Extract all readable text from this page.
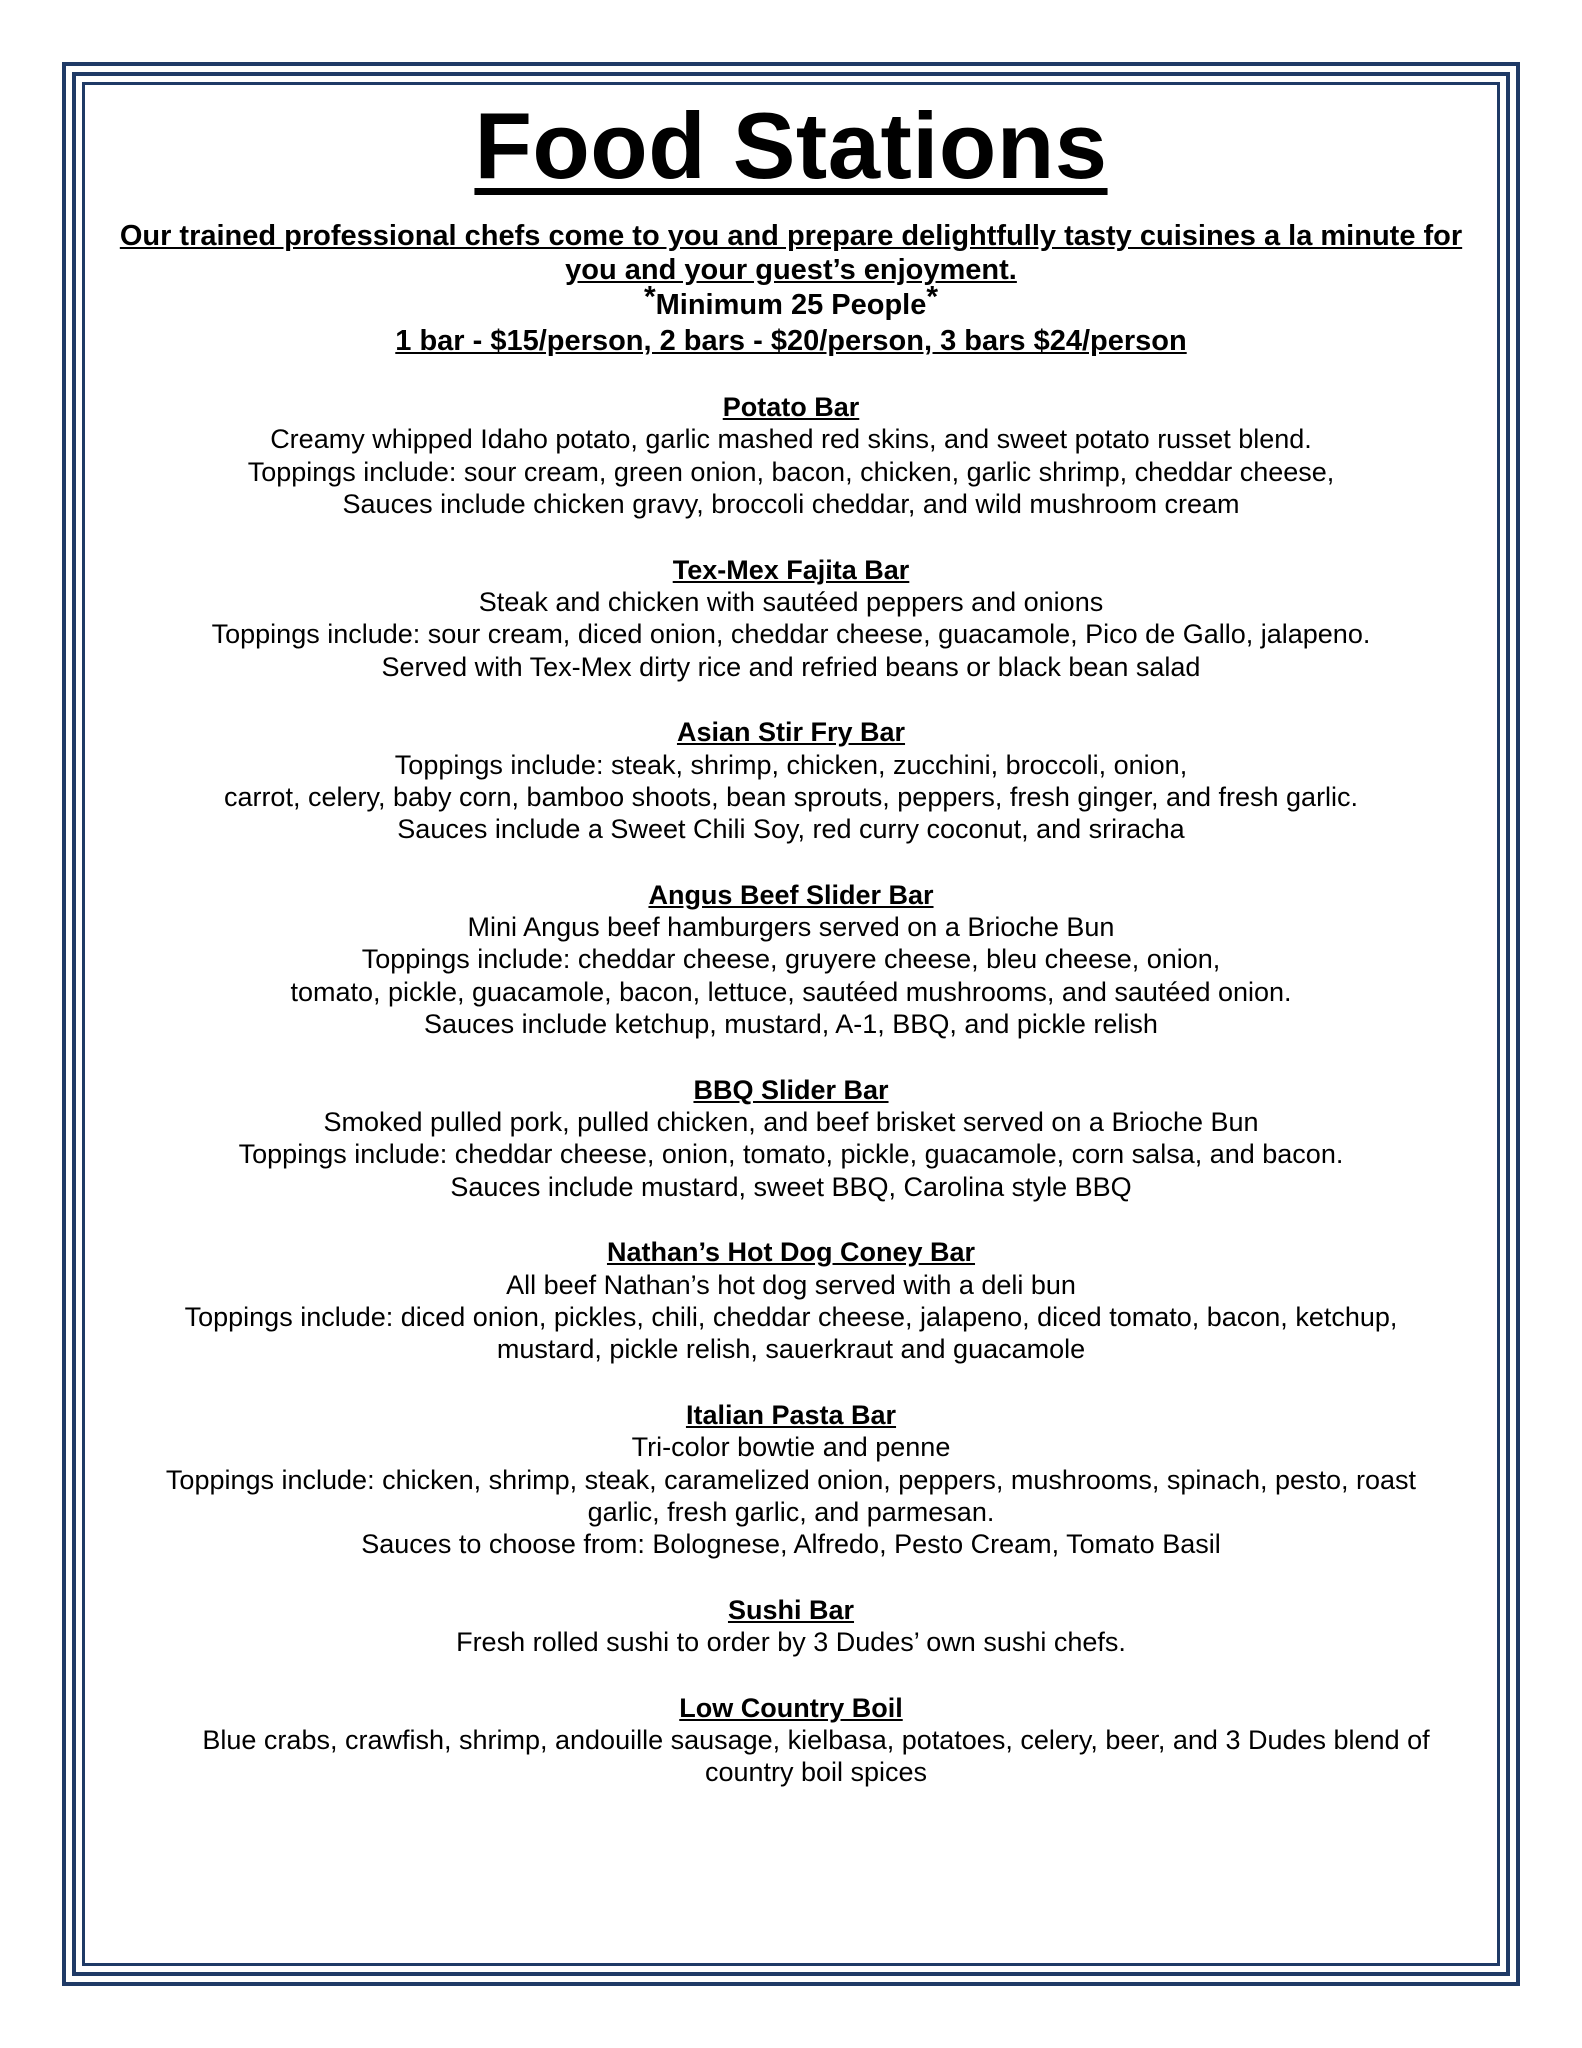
Food Stations
Our trained professional chefs come to you and prepare delightfully tasty cuisines a la minute for you and your guest’s enjoyment.
*Minimum 25 People*
1 bar - $15/person, 2 bars - $20/person, 3 bars $24/person
Potato Bar
Creamy whipped Idaho potato, garlic mashed red skins, and sweet potato russet blend.
Toppings include: sour cream, green onion, bacon, chicken, garlic shrimp, cheddar cheese,
Sauces include chicken gravy, broccoli cheddar, and wild mushroom cream
Tex-Mex Fajita Bar
Steak and chicken with sautéed peppers and onions
Toppings include: sour cream, diced onion, cheddar cheese, guacamole, Pico de Gallo, jalapeno.
Served with Tex-Mex dirty rice and refried beans or black bean salad
Asian Stir Fry Bar
Toppings include: steak, shrimp, chicken, zucchini, broccoli, onion,
carrot, celery, baby corn, bamboo shoots, bean sprouts, peppers, fresh ginger, and fresh garlic.
Sauces include a Sweet Chili Soy, red curry coconut, and sriracha
Angus Beef Slider Bar
Mini Angus beef hamburgers served on a Brioche Bun
Toppings include: cheddar cheese, gruyere cheese, bleu cheese, onion,
tomato, pickle, guacamole, bacon, lettuce, sautéed mushrooms, and sautéed onion.
Sauces include ketchup, mustard, A-1, BBQ, and pickle relish
BBQ Slider Bar
Smoked pulled pork, pulled chicken, and beef brisket served on a Brioche Bun
Toppings include: cheddar cheese, onion, tomato, pickle, guacamole, corn salsa, and bacon.
Sauces include mustard, sweet BBQ, Carolina style BBQ
Nathan’s Hot Dog Coney Bar
All beef Nathan’s hot dog served with a deli bun
Toppings include: diced onion, pickles, chili, cheddar cheese, jalapeno, diced tomato, bacon, ketchup,
mustard, pickle relish, sauerkraut and guacamole
Italian Pasta Bar
Tri-color bowtie and penne
Toppings include: chicken, shrimp, steak, caramelized onion, peppers, mushrooms, spinach, pesto, roast
garlic, fresh garlic, and parmesan.
Sauces to choose from: Bolognese, Alfredo, Pesto Cream, Tomato Basil
Sushi Bar
Fresh rolled sushi to order by 3 Dudes’ own sushi chefs.
Low Country Boil
Blue crabs, crawfish, shrimp, andouille sausage, kielbasa, potatoes, celery, beer, and 3 Dudes blend of
country boil spices
